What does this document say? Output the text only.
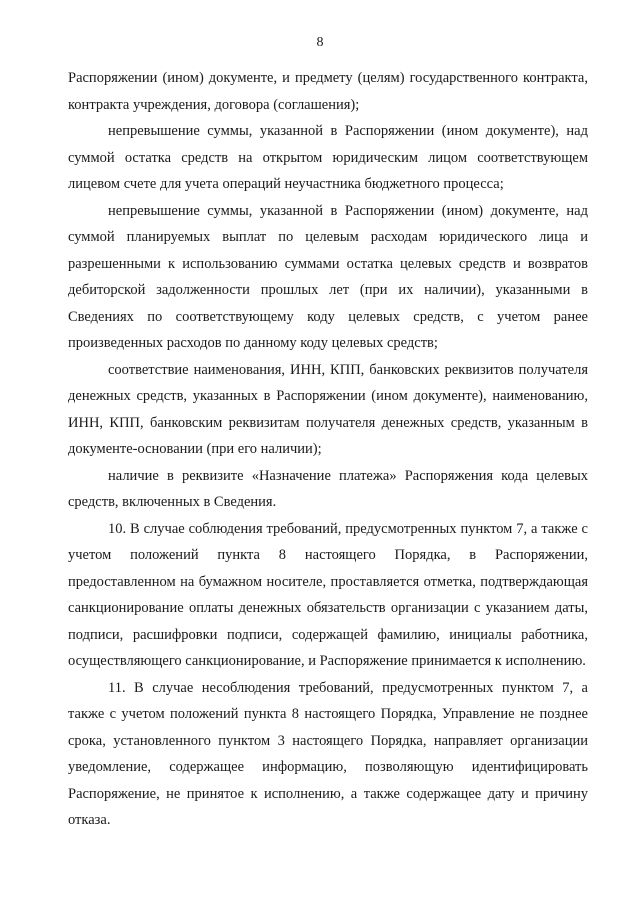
8

Распоряжении (ином) документе, и предмету (целям) государственного контракта, контракта учреждения, договора (соглашения);

непревышение суммы, указанной в Распоряжении (ином документе), над суммой остатка средств на открытом юридическим лицом соответствующем лицевом счете для учета операций неучастника бюджетного процесса;

непревышение суммы, указанной в Распоряжении (ином) документе, над суммой планируемых выплат по целевым расходам юридического лица и разрешенными к использованию суммами остатка целевых средств и возвратов дебиторской задолженности прошлых лет (при их наличии), указанными в Сведениях по соответствующему коду целевых средств, с учетом ранее произведенных расходов по данному коду целевых средств;

соответствие наименования, ИНН, КПП, банковских реквизитов получателя денежных средств, указанных в Распоряжении (ином документе), наименованию, ИНН, КПП, банковским реквизитам получателя денежных средств, указанным в документе-основании (при его наличии);

наличие в реквизите «Назначение платежа» Распоряжения кода целевых средств, включенных в Сведения.

10. В случае соблюдения требований, предусмотренных пунктом 7, а также с учетом положений пункта 8 настоящего Порядка, в Распоряжении, предоставленном на бумажном носителе, проставляется отметка, подтверждающая санкционирование оплаты денежных обязательств организации с указанием даты, подписи, расшифровки подписи, содержащей фамилию, инициалы работника, осуществляющего санкционирование, и Распоряжение принимается к исполнению.

11. В случае несоблюдения требований, предусмотренных пунктом 7, а также с учетом положений пункта 8 настоящего Порядка, Управление не позднее срока, установленного пунктом 3 настоящего Порядка, направляет организации уведомление, содержащее информацию, позволяющую идентифицировать Распоряжение, не принятое к исполнению, а также содержащее дату и причину отказа.
